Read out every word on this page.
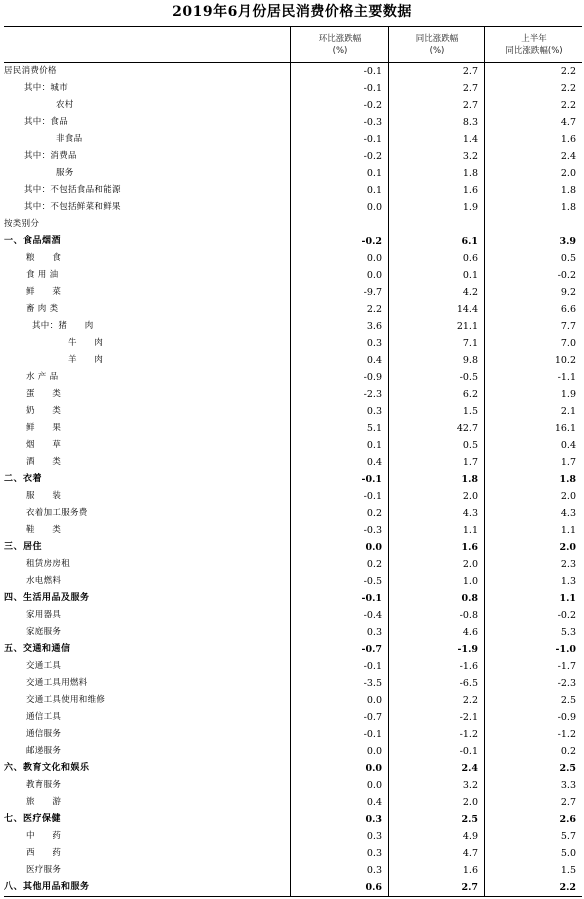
2019年6月份居民消费价格主要数据
环比涨跌幅
(%)
同比涨跌幅
(%)
上半年
同比涨跌幅(%)
居民消费价格	-0.1	2.7	2.2
其中：城市	-0.1	2.7	2.2
农村	-0.2	2.7	2.2
其中：食品	-0.3	8.3	4.7
非食品	-0.1	1.4	1.6
其中：消费品	-0.2	3.2	2.4
服务	0.1	1.8	2.0
其中：不包括食品和能源	0.1	1.6	1.8
其中：不包括鲜菜和鲜果	0.0	1.9	1.8
按类别分
一、食品烟酒	-0.2	6.1	3.9
粮　　食	0.0	0.6	0.5
食 用 油	0.0	0.1	-0.2
鲜　　菜	-9.7	4.2	9.2
畜 肉 类	2.2	14.4	6.6
其中：猪　　肉	3.6	21.1	7.7
牛　　肉	0.3	7.1	7.0
羊　　肉	0.4	9.8	10.2
水 产 品	-0.9	-0.5	-1.1
蛋　　类	-2.3	6.2	1.9
奶　　类	0.3	1.5	2.1
鲜　　果	5.1	42.7	16.1
烟　　草	0.1	0.5	0.4
酒　　类	0.4	1.7	1.7
二、衣着	-0.1	1.8	1.8
服　　装	-0.1	2.0	2.0
衣着加工服务费	0.2	4.3	4.3
鞋　　类	-0.3	1.1	1.1
三、居住	0.0	1.6	2.0
租赁房房租	0.2	2.0	2.3
水电燃料	-0.5	1.0	1.3
四、生活用品及服务	-0.1	0.8	1.1
家用器具	-0.4	-0.8	-0.2
家庭服务	0.3	4.6	5.3
五、交通和通信	-0.7	-1.9	-1.0
交通工具	-0.1	-1.6	-1.7
交通工具用燃料	-3.5	-6.5	-2.3
交通工具使用和维修	0.0	2.2	2.5
通信工具	-0.7	-2.1	-0.9
通信服务	-0.1	-1.2	-1.2
邮递服务	0.0	-0.1	0.2
六、教育文化和娱乐	0.0	2.4	2.5
教育服务	0.0	3.2	3.3
旅　　游	0.4	2.0	2.7
七、医疗保健	0.3	2.5	2.6
中　　药	0.3	4.9	5.7
西　　药	0.3	4.7	5.0
医疗服务	0.3	1.6	1.5
八、其他用品和服务	0.6	2.7	2.2
